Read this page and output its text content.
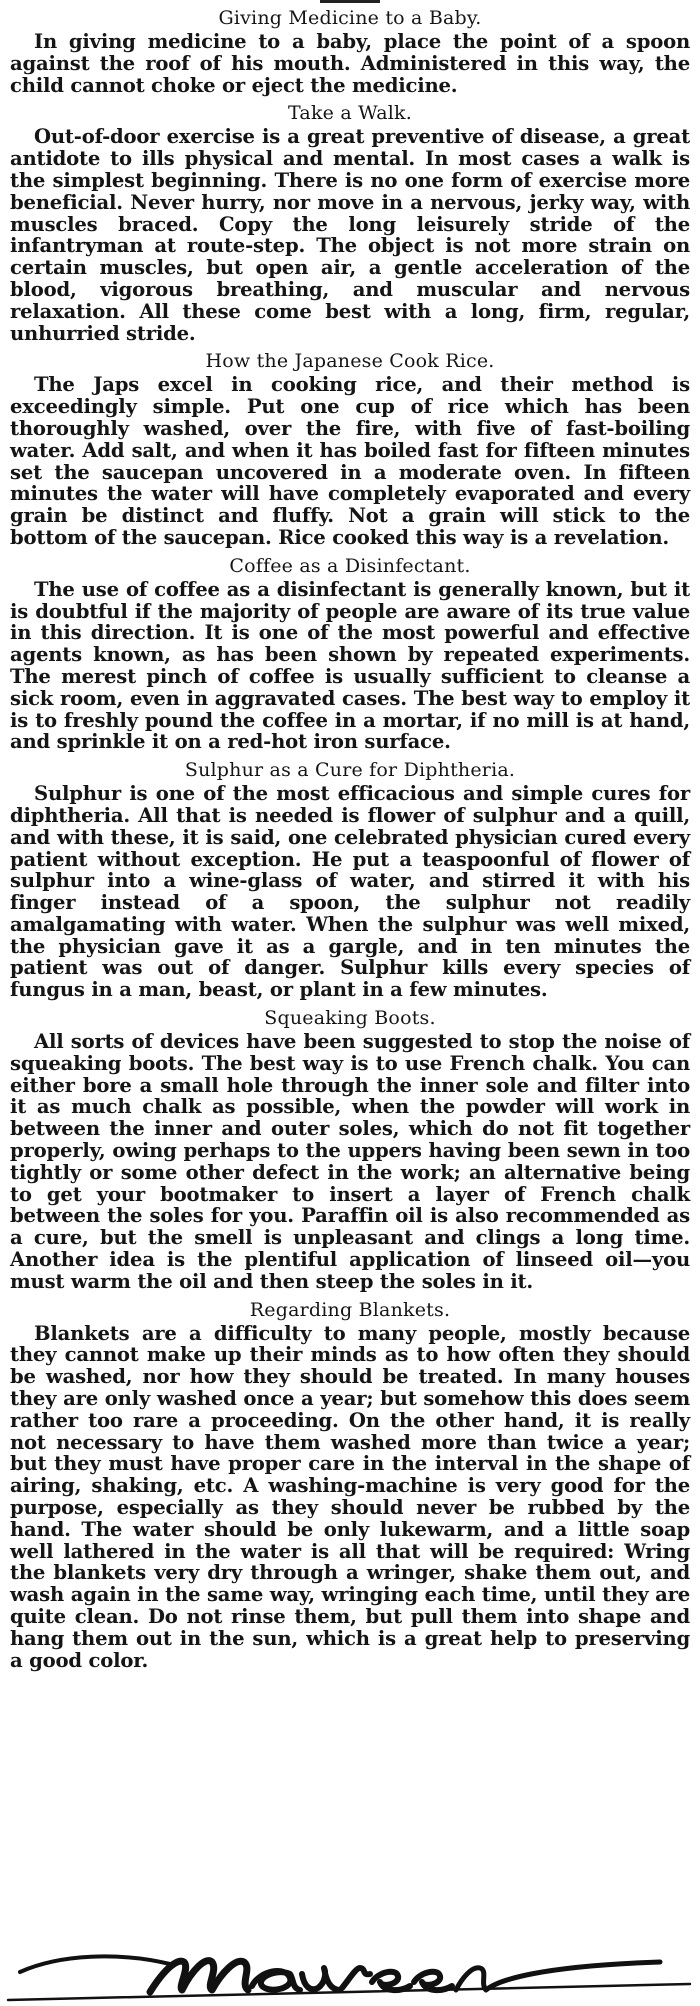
Giving Medicine to a Baby.

In giving medicine to a baby, place the point of a spoon against the roof of his mouth. Administered in this way, the child cannot choke or eject the medicine.

Take a Walk.

Out-of-door exercise is a great preventive of disease, a great antidote to ills physical and mental. In most cases a walk is the simplest beginning. There is no one form of exercise more beneficial. Never hurry, nor move in a nervous, jerky way, with muscles braced. Copy the long leisurely stride of the infantryman at route-step. The object is not more strain on certain muscles, but open air, a gentle acceleration of the blood, vigorous breathing, and muscular and nervous relaxation. All these come best with a long, firm, regular, unhurried stride.

How the Japanese Cook Rice.

The Japs excel in cooking rice, and their method is exceedingly simple. Put one cup of rice which has been thoroughly washed, over the fire, with five of fast-boiling water. Add salt, and when it has boiled fast for fifteen minutes set the saucepan uncovered in a moderate oven. In fifteen minutes the water will have completely evaporated and every grain be distinct and fluffy. Not a grain will stick to the bottom of the saucepan. Rice cooked this way is a revelation.

Coffee as a Disinfectant.

The use of coffee as a disinfectant is generally known, but it is doubtful if the majority of people are aware of its true value in this direction. It is one of the most powerful and effective agents known, as has been shown by repeated experiments. The merest pinch of coffee is usually sufficient to cleanse a sick room, even in aggravated cases. The best way to employ it is to freshly pound the coffee in a mortar, if no mill is at hand, and sprinkle it on a red-hot iron surface.

Sulphur as a Cure for Diphtheria.

Sulphur is one of the most efficacious and simple cures for diphtheria. All that is needed is flower of sulphur and a quill, and with these, it is said, one celebrated physician cured every patient without exception. He put a teaspoonful of flower of sulphur into a wine-glass of water, and stirred it with his finger instead of a spoon, the sulphur not readily amalgamating with water. When the sulphur was well mixed, the physician gave it as a gargle, and in ten minutes the patient was out of danger. Sulphur kills every species of fungus in a man, beast, or plant in a few minutes.

Squeaking Boots.

All sorts of devices have been suggested to stop the noise of squeaking boots. The best way is to use French chalk. You can either bore a small hole through the inner sole and filter into it as much chalk as possible, when the powder will work in between the inner and outer soles, which do not fit together properly, owing perhaps to the uppers having been sewn in too tightly or some other defect in the work; an alternative being to get your bootmaker to insert a layer of French chalk between the soles for you. Paraffin oil is also recommended as a cure, but the smell is unpleasant and clings a long time. Another idea is the plentiful application of linseed oil—you must warm the oil and then steep the soles in it.

Regarding Blankets.

Blankets are a difficulty to many people, mostly because they cannot make up their minds as to how often they should be washed, nor how they should be treated. In many houses they are only washed once a year; but somehow this does seem rather too rare a proceeding. On the other hand, it is really not necessary to have them washed more than twice a year; but they must have proper care in the interval in the shape of airing, shaking, etc. A washing-machine is very good for the purpose, especially as they should never be rubbed by the hand. The water should be only lukewarm, and a little soap well lathered in the water is all that will be required: Wring the blankets very dry through a wringer, shake them out, and wash again in the same way, wringing each time, until they are quite clean. Do not rinse them, but pull them into shape and hang them out in the sun, which is a great help to preserving a good color.
